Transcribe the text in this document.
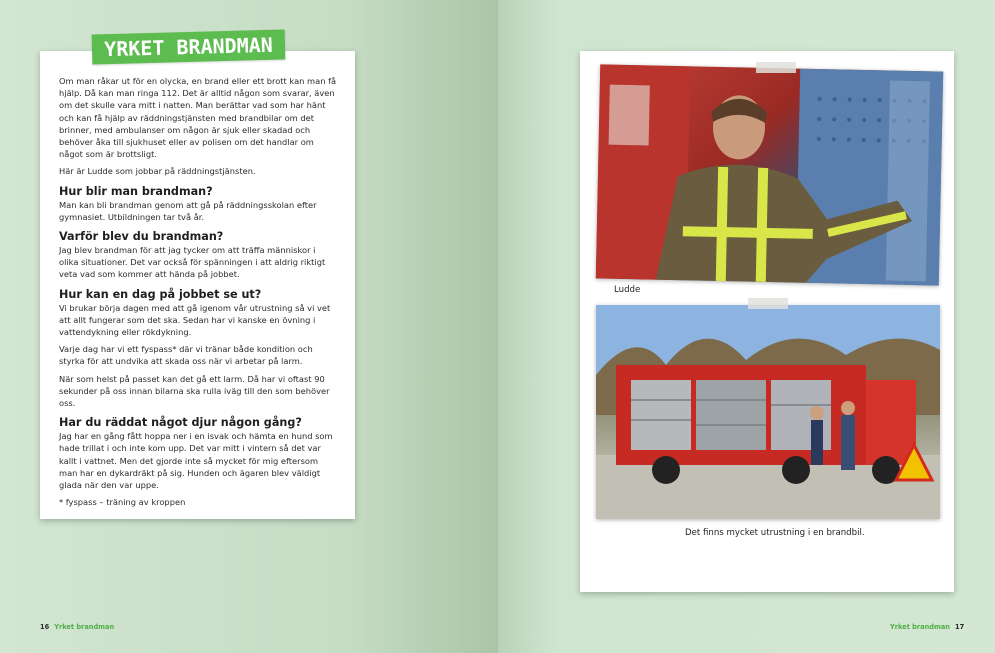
Om man råkar ut för en olycka, en brand eller ett brott kan man få hjälp. Då kan man ringa 112. Det är alltid någon som svarar, även om det skulle vara mitt i natten. Man berättar vad som har hänt och kan få hjälp av räddningstjänsten med brandbilar om det brinner, med ambulanser om någon är sjuk eller skadad och behöver åka till sjukhuset eller av polisen om det handlar om något som är brottsligt.

Här är Ludde som jobbar på räddningstjänsten.

Hur blir man brandman?

Man kan bli brandman genom att gå på räddningsskolan efter gymnasiet. Utbildningen tar två år.

Varför blev du brandman?

Jag blev brandman för att jag tycker om att träffa människor i olika situationer. Det var också för spänningen i att aldrig riktigt veta vad som kommer att hända på jobbet.

Hur kan en dag på jobbet se ut?

Vi brukar börja dagen med att gå igenom vår utrustning så vi vet att allt fungerar som det ska. Sedan har vi kanske en övning i vattendykning eller rökdykning.

Varje dag har vi ett fyspass* där vi tränar både kondition och styrka för att undvika att skada oss när vi arbetar på larm.

När som helst på passet kan det gå ett larm. Då har vi oftast 90 sekunder på oss innan bilarna ska rulla iväg till den som behöver oss.

Har du räddat något djur någon gång?

Jag har en gång fått hoppa ner i en isvak och hämta en hund som hade trillat i och inte kom upp. Det var mitt i vintern så det var kallt i vattnet. Men det gjorde inte så mycket för mig eftersom man har en dykardräkt på sig. Hunden och ägaren blev väldigt glada när den var uppe.

* fyspass – träning av kroppen

YRKET BRANDMAN
Ludde
Det finns mycket utrustning i en brandbil.
16 Yrket brandman	Yrket brandman 17
